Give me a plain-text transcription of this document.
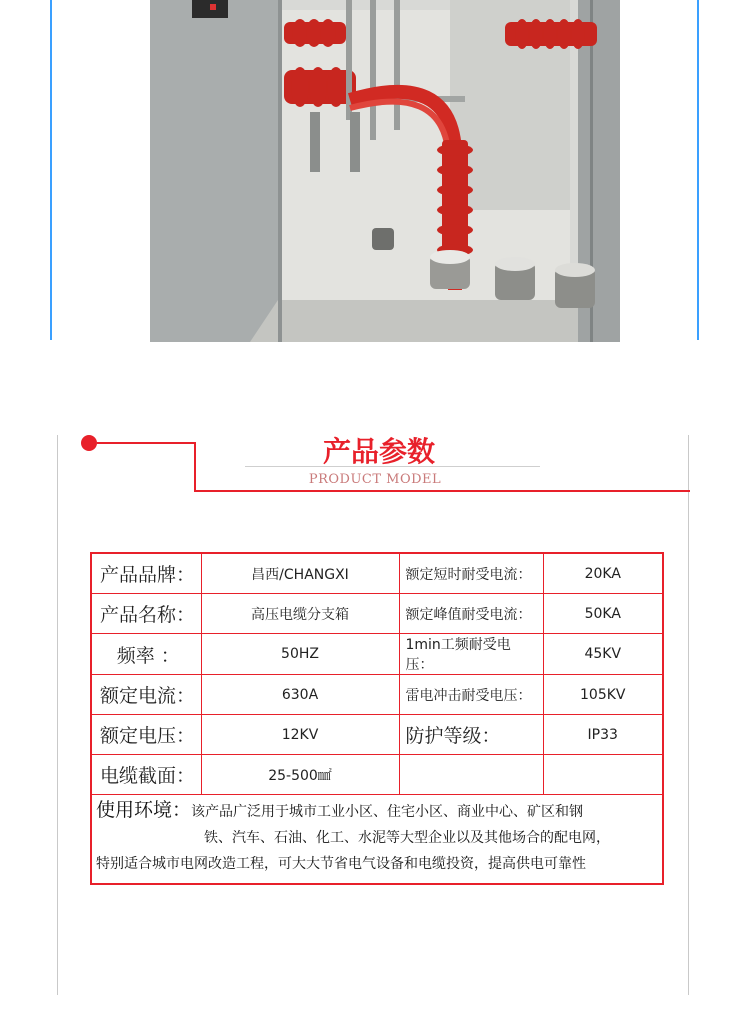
产品参数
PRODUCT MODEL
产品品牌：	昌西/CHANGXI	额定短时耐受电流：	20KA
产品名称：	高压电缆分支箱	额定峰值耐受电流：	50KA
频率 ：	50HZ	1min工频耐受电压：	45KV
额定电流：	630A	雷电冲击耐受电压：	105KV
额定电压：	12KV	防护等级：	IP33
电缆截面：	25-500㎟		

使用环境：该产品广泛用于城市工业小区、住宅小区、商业中心、矿区和钢
铁、汽车、石油、化工、水泥等大型企业以及其他场合的配电网，
特别适合城市电网改造工程，可大大节省电气设备和电缆投资，提高供电可靠性			
